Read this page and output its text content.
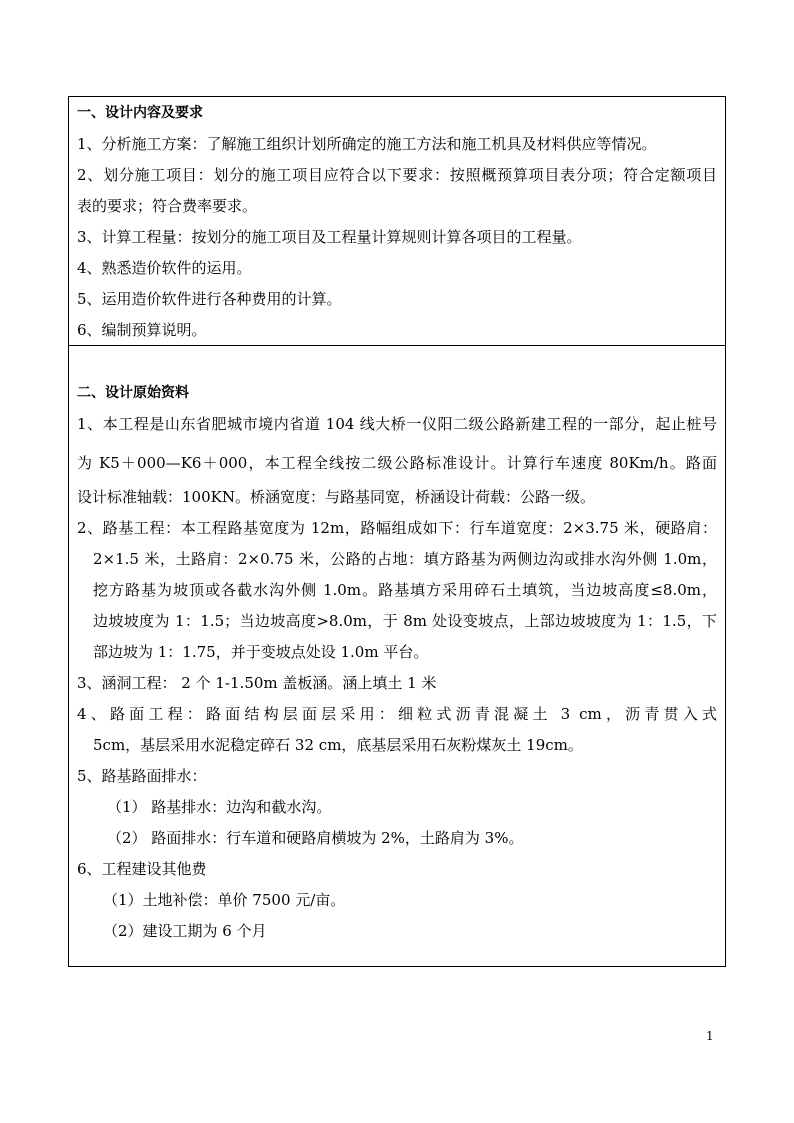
一、设计内容及要求
1、分析施工方案：了解施工组织计划所确定的施工方法和施工机具及材料供应等情况。
2、划分施工项目：划分的施工项目应符合以下要求：按照概预算项目表分项；符合定额项目
表的要求；符合费率要求。
3、计算工程量：按划分的施工项目及工程量计算规则计算各项目的工程量。
4、熟悉造价软件的运用。
5、运用造价软件进行各种费用的计算。
6、编制预算说明。
二、设计原始资料
1、本工程是山东省肥城市境内省道 104 线大桥一仪阳二级公路新建工程的一部分，起止桩号
为 K5＋000—K6＋000，本工程全线按二级公路标准设计。计算行车速度 80Km/h。路面
设计标准轴载：100KN。桥涵宽度：与路基同宽，桥涵设计荷载：公路一级。
2、路基工程：本工程路基宽度为 12m，路幅组成如下：行车道宽度：2×3.75 米，硬路肩：
2×1.5 米，土路肩：2×0.75 米，公路的占地：填方路基为两侧边沟或排水沟外侧 1.0m，
挖方路基为坡顶或各截水沟外侧 1.0m。路基填方采用碎石土填筑，当边坡高度≤8.0m，
边坡坡度为 1：1.5；当边坡高度>8.0m，于 8m 处设变坡点，上部边坡坡度为 1：1.5，下
部边坡为 1：1.75，并于变坡点处设 1.0m 平台。
3、涵洞工程： 2 个 1-1.50m 盖板涵。涵上填土 1 米
4、路面工程：路面结构层面层采用：细粒式沥青混凝土 3 cm，沥青贯入式
5cm，基层采用水泥稳定碎石 32 cm，底基层采用石灰粉煤灰土 19cm。
5、路基路面排水：
（1） 路基排水：边沟和截水沟。
（2） 路面排水：行车道和硬路肩横坡为 2%，土路肩为 3%。
6、工程建设其他费
（1）土地补偿：单价 7500 元/亩。
（2）建设工期为 6 个月
1
